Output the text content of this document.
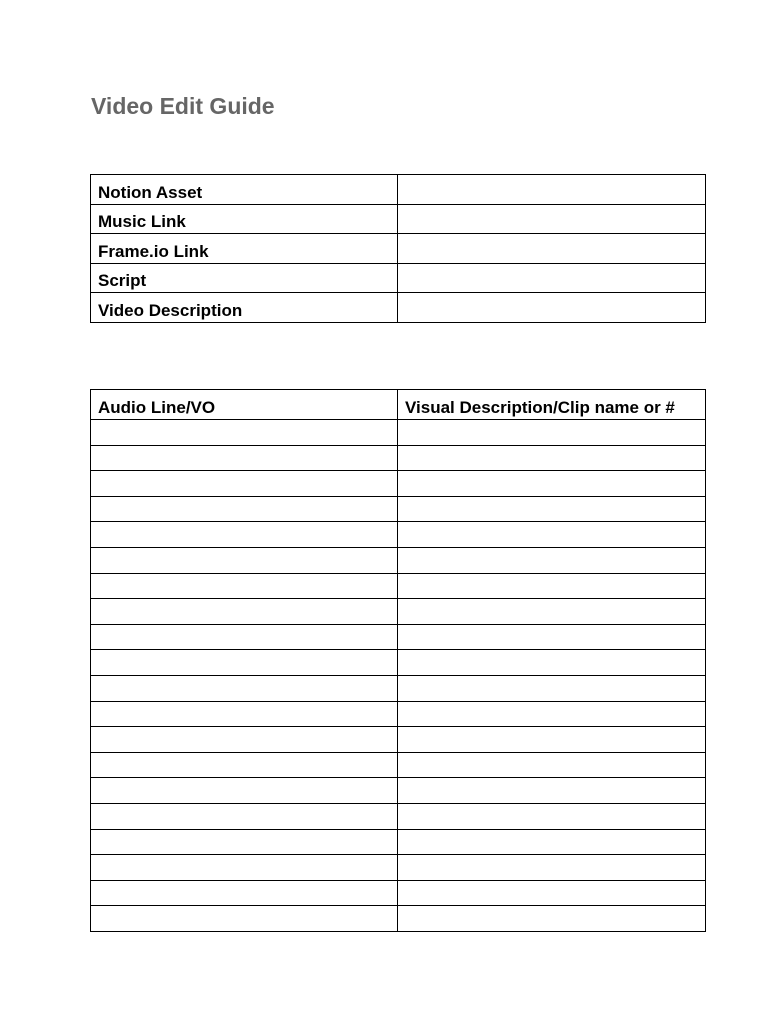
Video Edit Guide
Notion Asset	
Music Link	
Frame.io Link	
Script	
Video Description	
Audio Line/VO	Visual Description/Clip name or #
